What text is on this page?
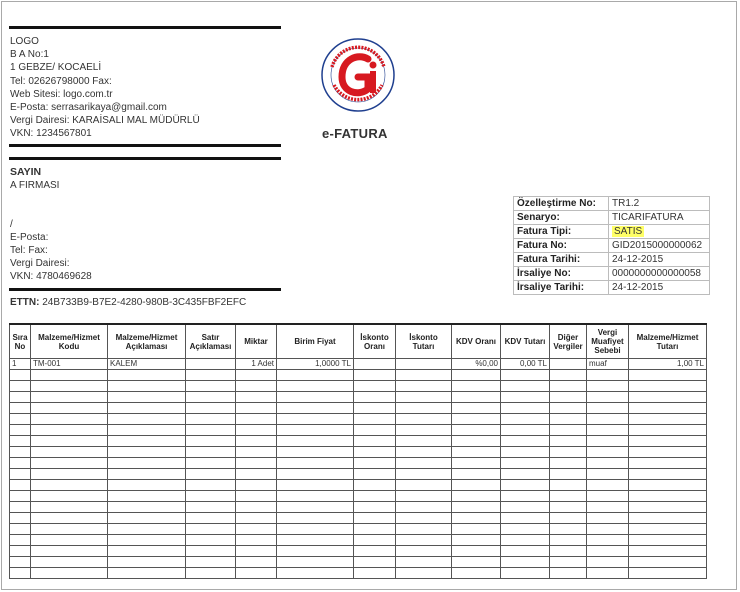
LOGO
B A No:1
1 GEBZE/ KOCAELİ
Tel: 02626798000 Fax:
Web Sitesi: logo.com.tr
E-Posta: serrasarikaya@gmail.com
Vergi Dairesi: KARAİSALI MAL MÜDÜRLÜ
VKN: 1234567801	e-FATURA
SAYIN
A FIRMASI
/
E-Posta:
Tel: Fax:
Vergi Dairesi:
VKN: 4780469628
ETTN: 24B733B9-B7E2-4280-980B-3C435FBF2EFC
Özelleştirme No:	TR1.2
Senaryo:	TICARIFATURA
Fatura Tipi:	SATIS
Fatura No:	GID2015000000062
Fatura Tarihi:	24-12-2015
İrsaliye No:	0000000000000058
İrsaliye Tarihi:	24-12-2015
Sıra No	Malzeme/Hizmet Kodu	Malzeme/Hizmet Açıklaması	Satır Açıklaması	Miktar	Birim Fiyat	İskonto Oranı	İskonto Tutarı	KDV Oranı	KDV Tutarı	Diğer Vergiler	Vergi Muafiyet Sebebi	Malzeme/Hizmet Tutarı
1	TM-001	KALEM		1 Adet	1,0000 TL			%0,00	0,00 TL		muaf	1,00 TL
